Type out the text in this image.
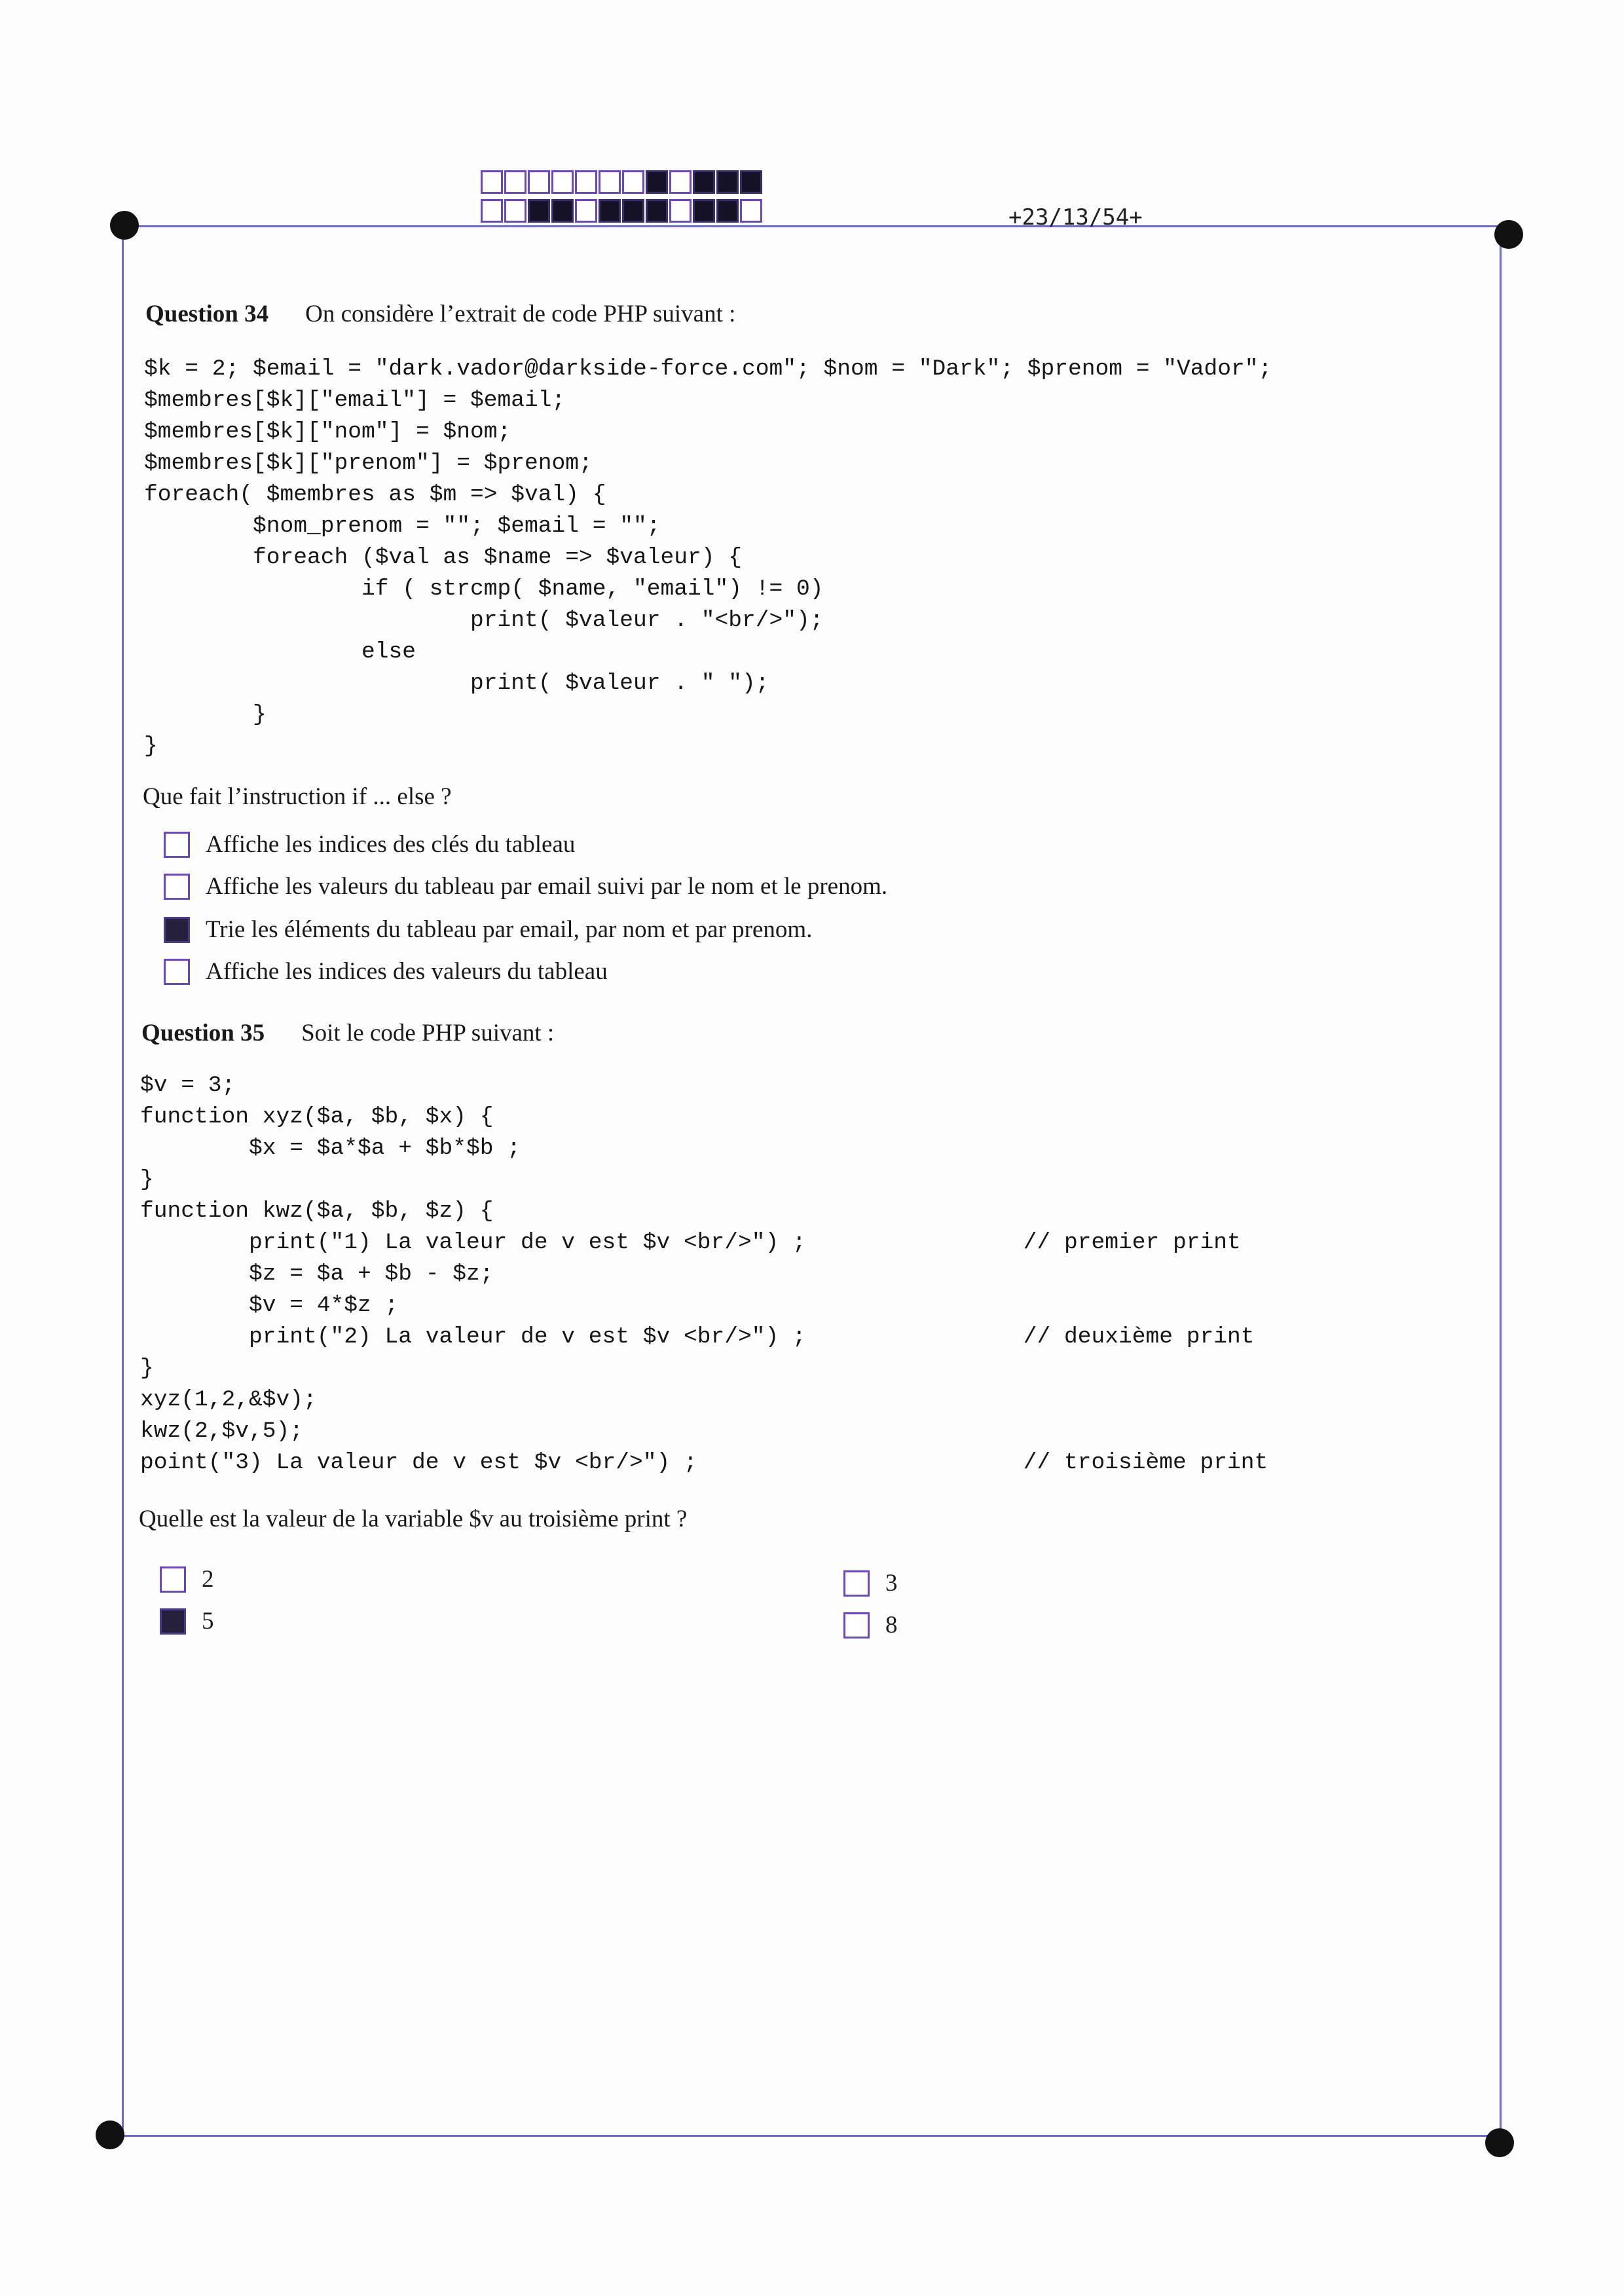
+23/13/54+
Question 34 On considère l’extrait de code PHP suivant :
$k = 2; $email = "dark.vador@darkside-force.com"; $nom = "Dark"; $prenom = "Vador";
$membres[$k]["email"] = $email;
$membres[$k]["nom"] = $nom;
$membres[$k]["prenom"] = $prenom;
foreach( $membres as $m => $val) {
$nom_prenom = ""; $email = "";
foreach ($val as $name => $valeur) {
if ( strcmp( $name, "email") != 0)
print( $valeur . "<br/>");
else
print( $valeur . " ");
}
}
Que fait l’instruction if ... else ?
Affiche les indices des clés du tableau
Affiche les valeurs du tableau par email suivi par le nom et le prenom.
Trie les éléments du tableau par email, par nom et par prenom.
Affiche les indices des valeurs du tableau
Question 35 Soit le code PHP suivant :
$v = 3;
function xyz($a, $b, $x) {
$x = $a*$a + $b*$b ;
}
function kwz($a, $b, $z) {
print("1) La valeur de v est $v <br/>") ;                // premier print
$z = $a + $b - $z;
$v = 4*$z ;
print("2) La valeur de v est $v <br/>") ;                // deuxième print
}
xyz(1,2,&$v);
kwz(2,$v,5);
point("3) La valeur de v est $v <br/>") ;                        // troisième print
Quelle est la valeur de la variable $v au troisième print ?
2	3
5	8
